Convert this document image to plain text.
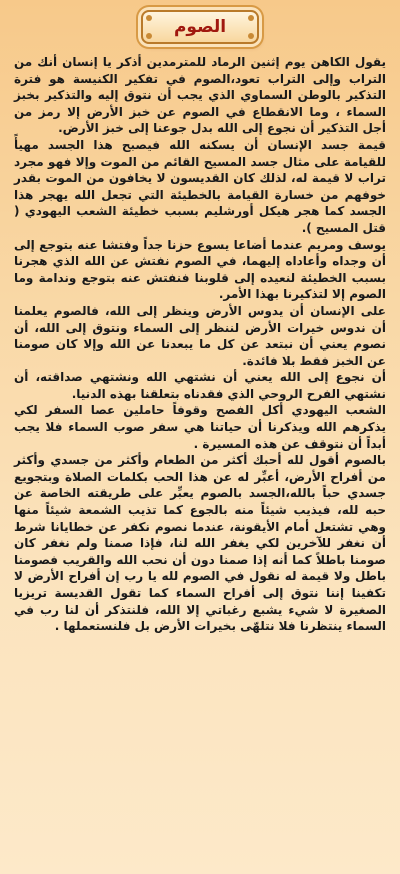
الصوم

يقول الكاهن يوم إثنين الرماد للمترمدين أذكر يا إنسان أنك من التراب وإلى التراب تعود،الصوم في تفكير الكنيسة هو فترة التذكير بالوطن السماوي الذي يجب أن نتوق إليه والتذكير بخبز السماء ، وما الانقطاع في الصوم عن خبز الأرض إلا رمز من أجل التذكير أن نجوع إلى الله بدل جوعنا إلى خبز الأرض.

قيمة جسد الإنسان أن يسكنه الله فيصبح هذا الجسد مهيأً للقيامة على مثال جسد المسيح القائم من الموت وإلا فهو مجرد تراب لا قيمة له، لذلك كان القديسون لا يخافون من الموت بقدر خوفهم من خسارة القيامة بالخطيئة التي تجعل الله يهجر هذا الجسد كما هجر هيكل أورشليم بسبب خطيئة الشعب اليهودي ( قتل المسيح ).

يوسف ومريم عندما أضاعا يسوع حزنا جداً وفتشا عنه بتوجع إلى أن وجداه وأعاداه إليهما، في الصوم نفتش عن الله الذي هجرنا بسبب الخطيئة لنعيده إلى قلوبنا فنفتش عنه بتوجع وندامة وما الصوم إلا لتذكيرنا بهذا الأمر.

على الإنسان أن يدوس الأرض وينظر إلى الله، فالصوم يعلمنا أن ندوس خيرات الأرض لننظر إلى السماء ونتوق إلى الله، أن نصوم يعني أن نبتعد عن كل ما يبعدنا عن الله وإلا كان صومنا عن الخبز فقط بلا فائدة.

أن نجوع إلى الله يعني أن نشتهي الله ونشتهي صداقته، أن نشتهي الفرح الروحي الذي فقدناه بتعلقنا بهذه الدنيا.

الشعب اليهودي أكل الفصح وقوفاً حاملين عصا السفر لكي يذكرهم الله ويذكرنا أن حياتنا هي سفر صوب السماء فلا يجب أبداً أن نتوقف عن هذه المسيرة .

بالصوم أقول لله أحبك أكثر من الطعام وأكثر من جسدي وأكثر من أفراح الأرض، أعبِّر له عن هذا الحب بكلمات الصلاة وبتجويع جسدي حباً بالله،الجسد بالصوم يعبِّر على طريقته الخاصة عن حبه لله، فيذيب شيئاً منه بالجوع كما تذيب الشمعة شيئاً منها وهي تشتعل أمام الأيقونة، عندما نصوم نكفر عن خطايانا شرط أن نغفر للآخرين لكي يغفر الله لنا، فإذا صمنا ولم نغفر كان صومنا باطلاً كما أنه إذا صمنا دون أن نحب الله والقريب فصومنا باطل ولا قيمة له نقول في الصوم لله يا رب إن أفراح الأرض لا تكفينا إننا نتوق إلى أفراح السماء كما تقول القديسة تريزيا الصغيرة لا شيء يشبع رغباتي إلا الله، فلنتذكر أن لنا رب في السماء ينتظرنا فلا نتلهّى بخيرات الأرض بل فلنستعملها .
